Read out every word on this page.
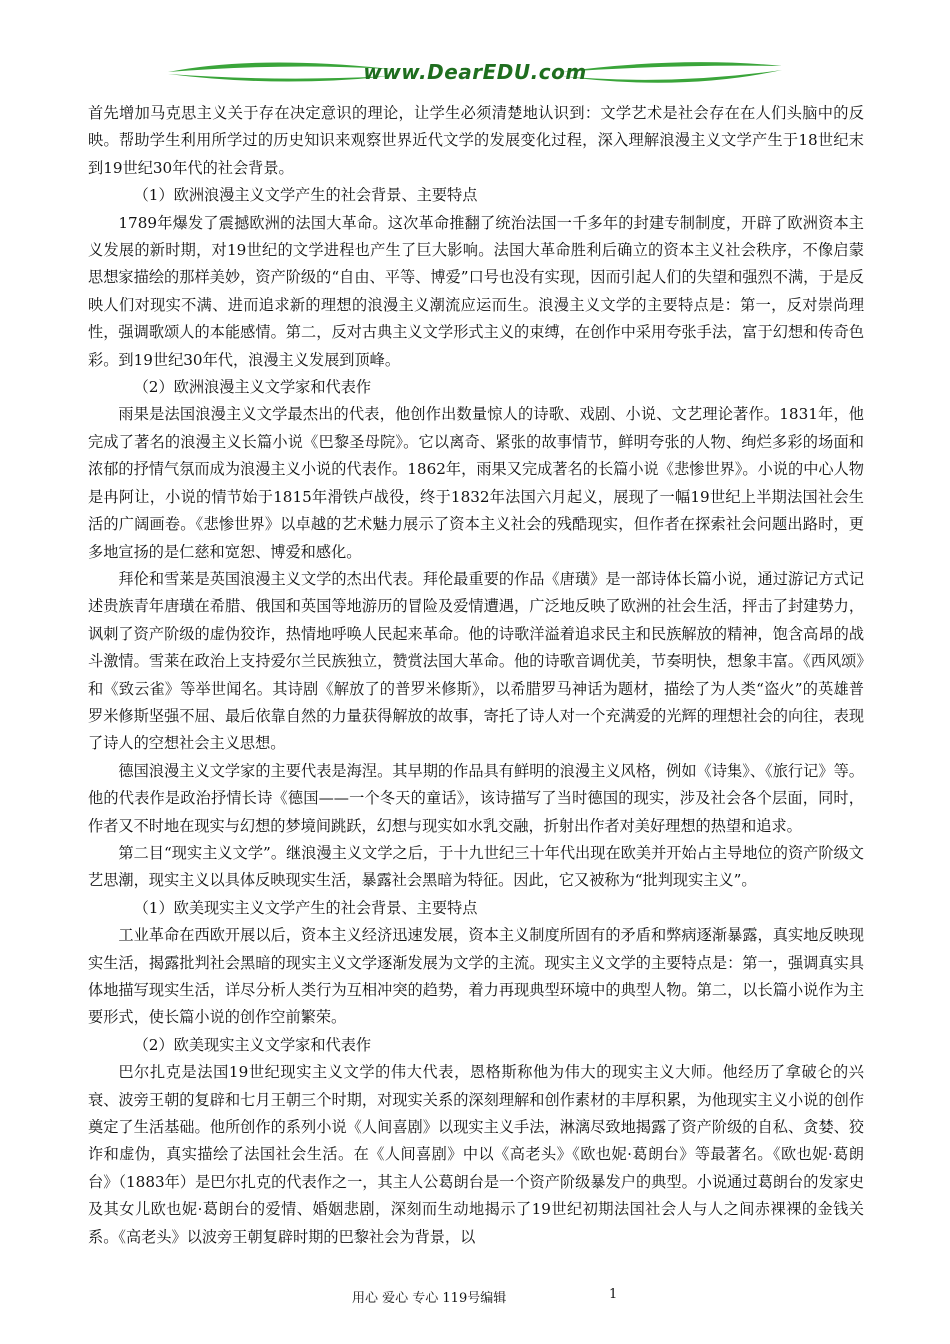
www.DearEDU.com

首先增加马克思主义关于存在决定意识的理论，让学生必须清楚地认识到：文学艺术是社会存在在人们头脑中的反映。帮助学生利用所学过的历史知识来观察世界近代文学的发展变化过程，深入理解浪漫主义文学产生于18世纪末到19世纪30年代的社会背景。

（1）欧洲浪漫主义文学产生的社会背景、主要特点

1789年爆发了震撼欧洲的法国大革命。这次革命推翻了统治法国一千多年的封建专制制度，开辟了欧洲资本主义发展的新时期，对19世纪的文学进程也产生了巨大影响。法国大革命胜利后确立的资本主义社会秩序，不像启蒙思想家描绘的那样美妙，资产阶级的“自由、平等、博爱”口号也没有实现，因而引起人们的失望和强烈不满，于是反映人们对现实不满、进而追求新的理想的浪漫主义潮流应运而生。浪漫主义文学的主要特点是：第一，反对崇尚理性，强调歌颂人的本能感情。第二，反对古典主义文学形式主义的束缚，在创作中采用夸张手法，富于幻想和传奇色彩。到19世纪30年代，浪漫主义发展到顶峰。

（2）欧洲浪漫主义文学家和代表作

雨果是法国浪漫主义文学最杰出的代表，他创作出数量惊人的诗歌、戏剧、小说、文艺理论著作。1831年，他完成了著名的浪漫主义长篇小说《巴黎圣母院》。它以离奇、紧张的故事情节，鲜明夸张的人物、绚烂多彩的场面和浓郁的抒情气氛而成为浪漫主义小说的代表作。1862年，雨果又完成著名的长篇小说《悲惨世界》。小说的中心人物是冉阿让，小说的情节始于1815年滑铁卢战役，终于1832年法国六月起义，展现了一幅19世纪上半期法国社会生活的广阔画卷。《悲惨世界》以卓越的艺术魅力展示了资本主义社会的残酷现实，但作者在探索社会问题出路时，更多地宣扬的是仁慈和宽恕、博爱和感化。

拜伦和雪莱是英国浪漫主义文学的杰出代表。拜伦最重要的作品《唐璜》是一部诗体长篇小说，通过游记方式记述贵族青年唐璜在希腊、俄国和英国等地游历的冒险及爱情遭遇，广泛地反映了欧洲的社会生活，抨击了封建势力，讽刺了资产阶级的虚伪狡诈，热情地呼唤人民起来革命。他的诗歌洋溢着追求民主和民族解放的精神，饱含高昂的战斗激情。雪莱在政治上支持爱尔兰民族独立，赞赏法国大革命。他的诗歌音调优美，节奏明快，想象丰富。《西风颂》和《致云雀》等举世闻名。其诗剧《解放了的普罗米修斯》，以希腊罗马神话为题材，描绘了为人类“盗火”的英雄普罗米修斯坚强不屈、最后依靠自然的力量获得解放的故事，寄托了诗人对一个充满爱的光辉的理想社会的向往，表现了诗人的空想社会主义思想。

德国浪漫主义文学家的主要代表是海涅。其早期的作品具有鲜明的浪漫主义风格，例如《诗集》、《旅行记》等。他的代表作是政治抒情长诗《德国——一个冬天的童话》，该诗描写了当时德国的现实，涉及社会各个层面，同时，作者又不时地在现实与幻想的梦境间跳跃，幻想与现实如水乳交融，折射出作者对美好理想的热望和追求。

第二目“现实主义文学”。继浪漫主义文学之后，于十九世纪三十年代出现在欧美并开始占主导地位的资产阶级文艺思潮，现实主义以具体反映现实生活，暴露社会黑暗为特征。因此，它又被称为“批判现实主义”。

（1）欧美现实主义文学产生的社会背景、主要特点

工业革命在西欧开展以后，资本主义经济迅速发展，资本主义制度所固有的矛盾和弊病逐渐暴露，真实地反映现实生活，揭露批判社会黑暗的现实主义文学逐渐发展为文学的主流。现实主义文学的主要特点是：第一，强调真实具体地描写现实生活，详尽分析人类行为互相冲突的趋势，着力再现典型环境中的典型人物。第二，以长篇小说作为主要形式，使长篇小说的创作空前繁荣。

（2）欧美现实主义文学家和代表作

巴尔扎克是法国19世纪现实主义文学的伟大代表，恩格斯称他为伟大的现实主义大师。他经历了拿破仑的兴衰、波旁王朝的复辟和七月王朝三个时期，对现实关系的深刻理解和创作素材的丰厚积累，为他现实主义小说的创作奠定了生活基础。他所创作的系列小说《人间喜剧》以现实主义手法，淋漓尽致地揭露了资产阶级的自私、贪婪、狡诈和虚伪，真实描绘了法国社会生活。在《人间喜剧》中以《高老头》《欧也妮·葛朗台》等最著名。《欧也妮·葛朗台》（1883年）是巴尔扎克的代表作之一，其主人公葛朗台是一个资产阶级暴发户的典型。小说通过葛朗台的发家史及其女儿欧也妮·葛朗台的爱情、婚姻悲剧，深刻而生动地揭示了19世纪初期法国社会人与人之间赤裸裸的金钱关系。《高老头》以波旁王朝复辟时期的巴黎社会为背景，以

用心 爱心 专心 119号编辑	1
